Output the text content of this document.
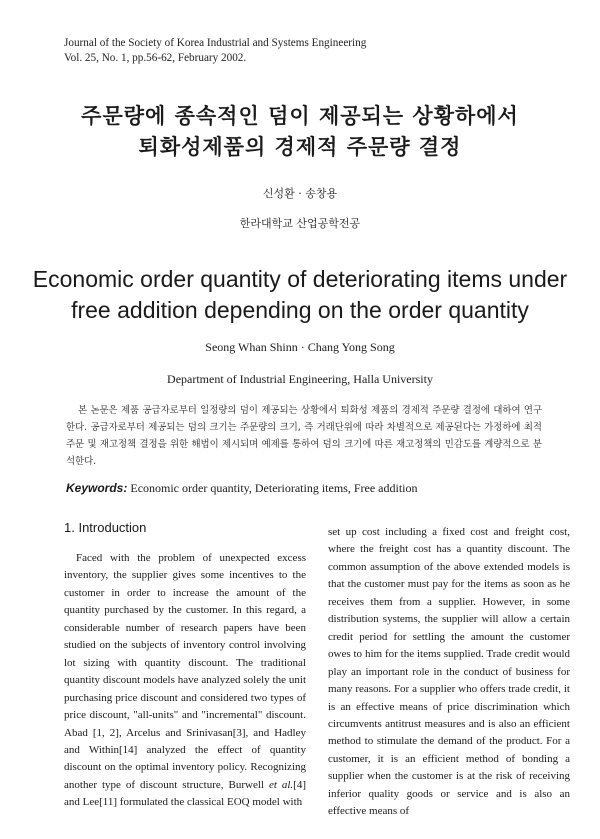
Journal of the Society of Korea Industrial and Systems Engineering
Vol. 25, No. 1, pp.56-62, February 2002.
주문량에 종속적인 덤이 제공되는 상황하에서
퇴화성제품의 경제적 주문량 결정
신성환 · 송창용
한라대학교 산업공학전공
Economic order quantity of deteriorating items under
free addition depending on the order quantity
Seong Whan Shinn · Chang Yong Song
Department of Industrial Engineering, Halla University

본 논문은 제품 공급자로부터 일정량의 덤이 제공되는 상황에서 퇴화성 제품의 경제적 주문량 결정에 대하여 연구한다. 공급자로부터 제공되는 덤의 크기는 주문량의 크기, 즉 거래단위에 따라 차별적으로 제공된다는 가정하에 최적주문 및 재고정책 결정을 위한 해법이 제시되며 예제를 통하여 덤의 크기에 따른 재고정책의 민감도를 계량적으로 분석한다.

Keywords: Economic order quantity, Deteriorating items, Free addition
1. Introduction

Faced with the problem of unexpected excess inventory, the supplier gives some incentives to the customer in order to increase the amount of the quantity purchased by the customer. In this regard, a considerable number of research papers have been studied on the subjects of inventory control involving lot sizing with quantity discount. The traditional quantity discount models have analyzed solely the unit purchasing price discount and considered two types of price discount, "all-units" and "incremental" discount. Abad [1, 2], Arcelus and Srinivasan[3], and Hadley and Within[14] analyzed the effect of quantity discount on the optimal inventory policy. Recognizing another type of discount structure, Burwell et al.[4] and Lee[11] formulated the classical EOQ model with

set up cost including a fixed cost and freight cost, where the freight cost has a quantity discount. The common assumption of the above extended models is that the customer must pay for the items as soon as he receives them from a supplier. However, in some distribution systems, the supplier will allow a certain credit period for settling the amount the customer owes to him for the items supplied. Trade credit would play an important role in the conduct of business for many reasons. For a supplier who offers trade credit, it is an effective means of price discrimination which circumvents antitrust measures and is also an efficient method to stimulate the demand of the product. For a customer, it is an efficient method of bonding a supplier when the customer is at the risk of receiving inferior quality goods or service and is also an effective means of
